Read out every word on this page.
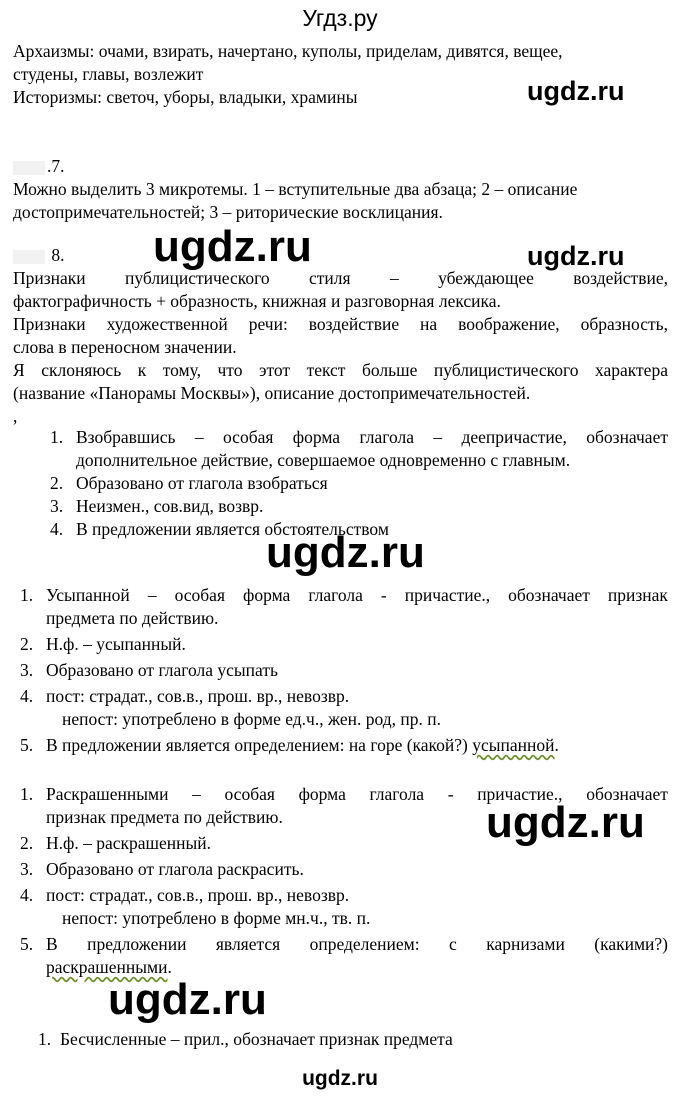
Угдз.ру
Архаизмы: очами, взирать, начертано, куполы, приделам, дивятся, вещее,
студены, главы, возлежит
Историзмы: светоч, уборы, владыки, храмины
.7.
Можно выделить 3 микротемы. 1 – вступительные два абзаца; 2 – описание
достопримечательностей; 3 – риторические восклицания.
8.
Признаки публицистического стиля – убеждающее воздействие,
фактографичность + образность, книжная и разговорная лексика.
Признаки художественной речи: воздействие на воображение, образность,
слова в переносном значении.
Я склоняюсь к тому, что этот текст больше публицистического характера
(название «Панорамы Москвы»), описание достопримечательностей.
,
1. Взобравшись – особая форма глагола – деепричастие, обозначает
дополнительное действие, совершаемое одновременно с главным.
2. Образовано от глагола взобраться
3. Неизмен., сов.вид, возвр.
4. В предложении является обстоятельством
1. Усыпанной – особая форма глагола - причастие., обозначает признак
предмета по действию.
2. Н.ф. – усыпанный.
3. Образовано от глагола усыпать
4. пост: страдат., сов.в., прош. вр., невозвр.
непост: употреблено в форме ед.ч., жен. род, пр. п.
5. В предложении является определением: на горе (какой?) усыпанной.
1. Раскрашенными – особая форма глагола - причастие., обозначает
признак предмета по действию.
2. Н.ф. – раскрашенный.
3. Образовано от глагола раскрасить.
4. пост: страдат., сов.в., прош. вр., невозвр.
непост: употреблено в форме мн.ч., тв. п.
5. В предложении является определением: с карнизами (какими?)
раскрашенными.
1. Бесчисленные – прил., обозначает признак предмета
ugdz.ru
ugdz.ru	ugdz.ru
ugdz.ru
ugdz.ru
ugdz.ru
ugdz.ru
